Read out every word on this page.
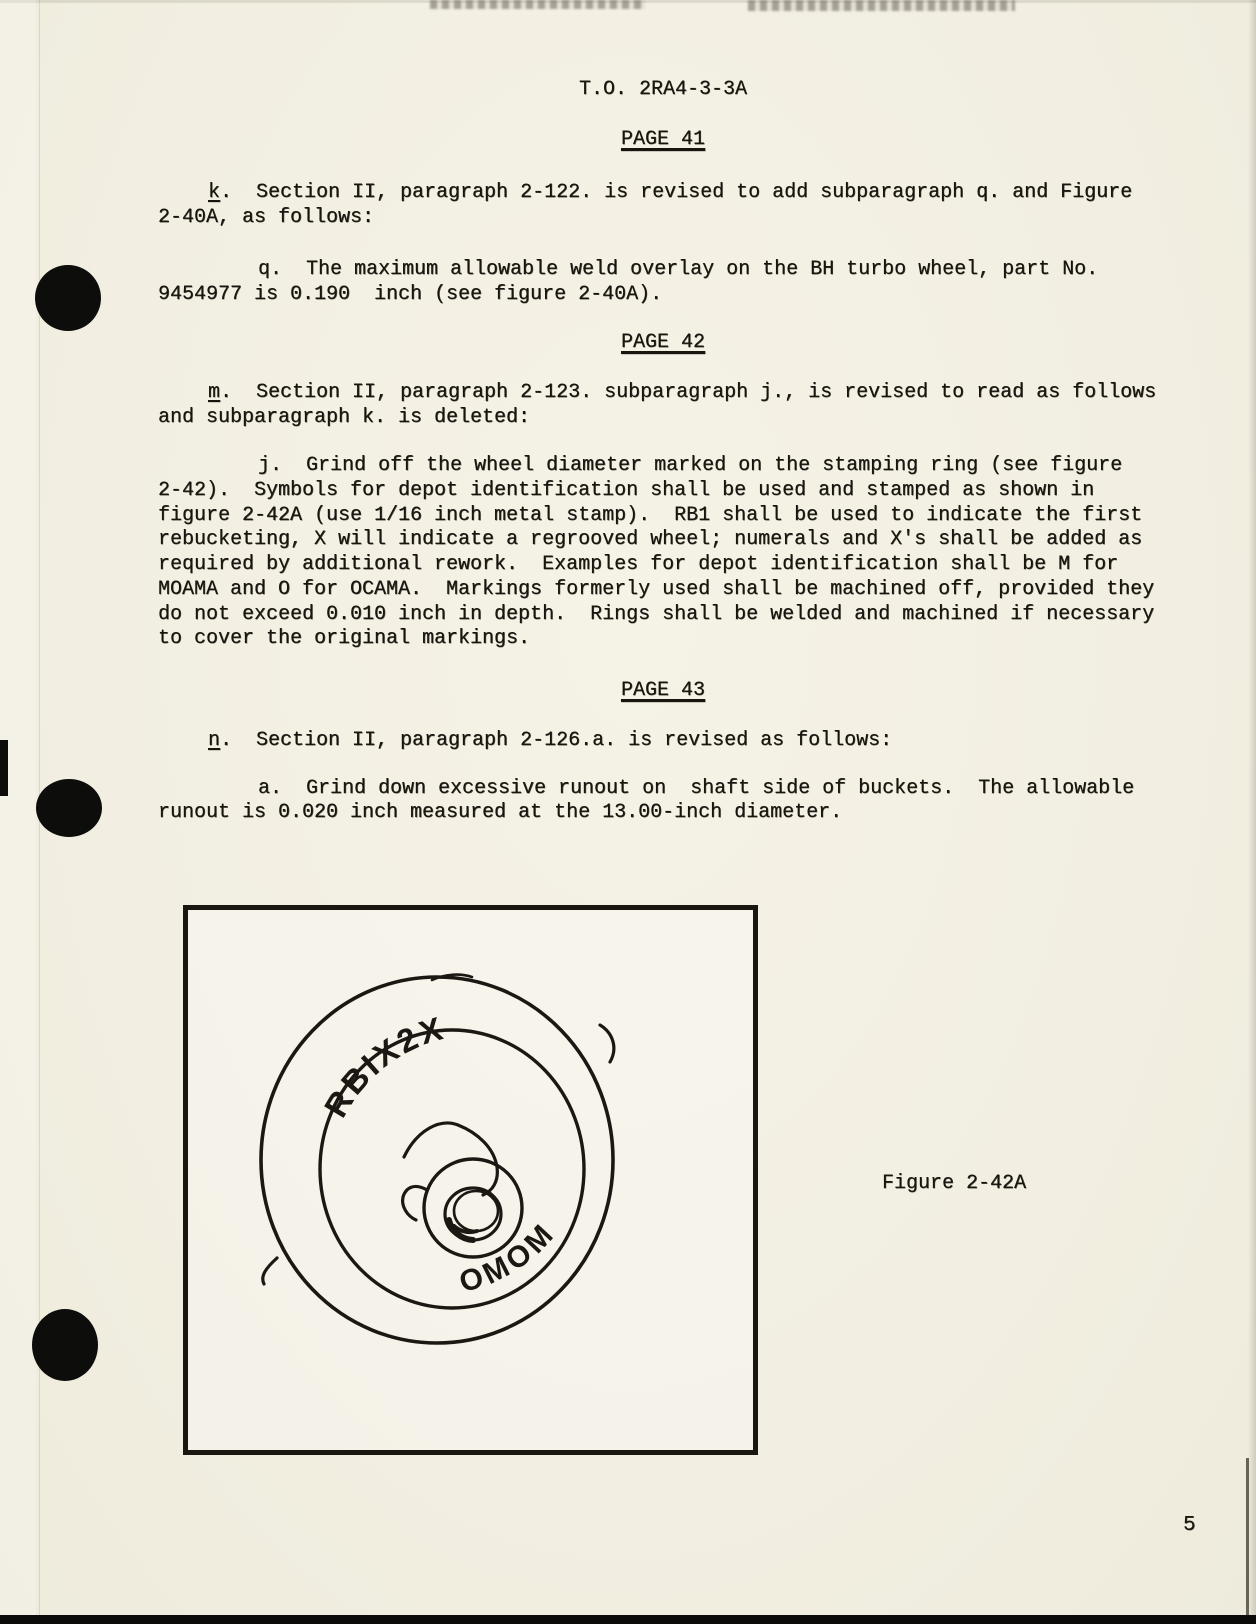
T.O. 2RA4-3-3A
PAGE 41
k.  Section II, paragraph 2-122. is revised to add subparagraph q. and Figure
2-40A, as follows:
q.  The maximum allowable weld overlay on the BH turbo wheel, part No.
9454977 is 0.190  inch (see figure 2-40A).
PAGE 42
m.  Section II, paragraph 2-123. subparagraph j., is revised to read as follows
and subparagraph k. is deleted:
j.  Grind off the wheel diameter marked on the stamping ring (see figure
2-42).  Symbols for depot identification shall be used and stamped as shown in
figure 2-42A (use 1/16 inch metal stamp).  RB1 shall be used to indicate the first
rebucketing, X will indicate a regrooved wheel; numerals and X's shall be added as
required by additional rework.  Examples for depot identification shall be M for
MOAMA and O for OCAMA.  Markings formerly used shall be machined off, provided they
do not exceed 0.010 inch in depth.  Rings shall be welded and machined if necessary
to cover the original markings.
PAGE 43
n.  Section II, paragraph 2-126.a. is revised as follows:
a.  Grind down excessive runout on  shaft side of buckets.  The allowable
runout is 0.020 inch measured at the 13.00-inch diameter.
RBIX2X
OMOM
Figure 2-42A
5
